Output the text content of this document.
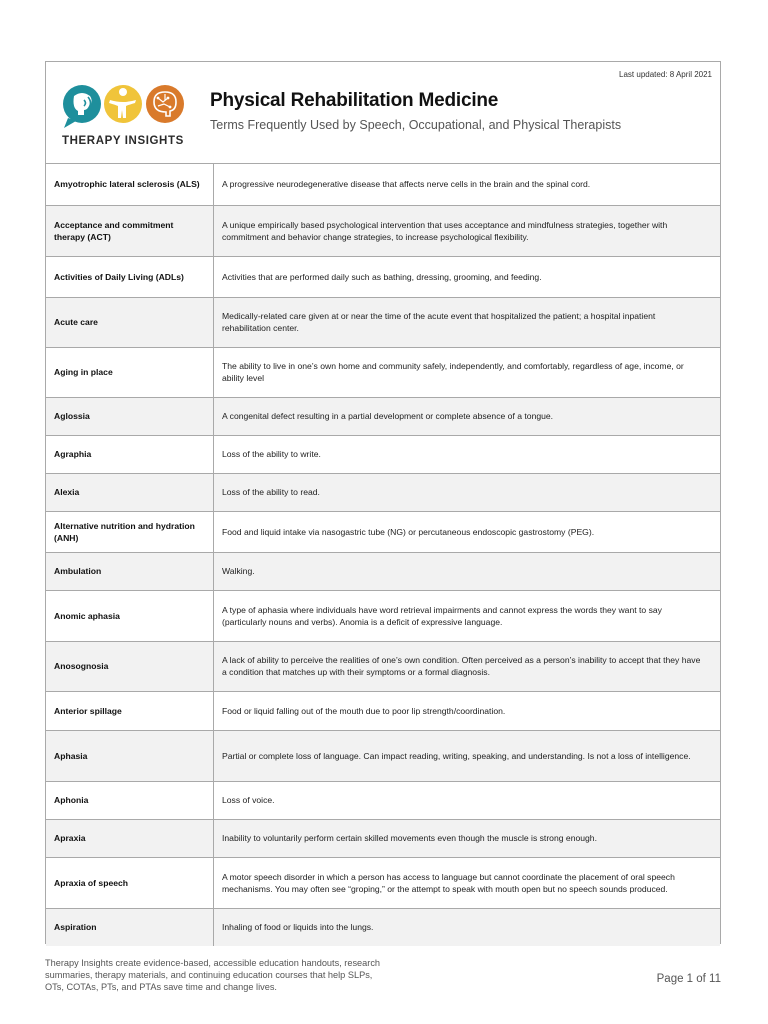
Last updated: 8 April 2021
THERAPY INSIGHTS
Physical Rehabilitation Medicine
Terms Frequently Used by Speech, Occupational, and Physical Therapists
Amyotrophic lateral sclerosis (ALS)	A progressive neurodegenerative disease that affects nerve cells in the brain and the spinal cord.
Acceptance and commitment therapy (ACT)	A unique empirically based psychological intervention that uses acceptance and mindfulness strategies, together with commitment and behavior change strategies, to increase psychological flexibility.
Activities of Daily Living (ADLs)	Activities that are performed daily such as bathing, dressing, grooming, and feeding.
Acute care	Medically-related care given at or near the time of the acute event that hospitalized the patient; a hospital inpatient rehabilitation center.
Aging in place	The ability to live in one’s own home and community safely, independently, and comfortably, regardless of age, income, or ability level
Aglossia	A congenital defect resulting in a partial development or complete absence of a tongue.
Agraphia	Loss of the ability to write.
Alexia	Loss of the ability to read.
Alternative nutrition and hydration (ANH)	Food and liquid intake via nasogastric tube (NG) or percutaneous endoscopic gastrostomy (PEG).
Ambulation	Walking.
Anomic aphasia	A type of aphasia where individuals have word retrieval impairments and cannot express the words they want to say (particularly nouns and verbs). Anomia is a deficit of expressive language.
Anosognosia	A lack of ability to perceive the realities of one’s own condition. Often perceived as a person’s inability to accept that they have a condition that matches up with their symptoms or a formal diagnosis.
Anterior spillage	Food or liquid falling out of the mouth due to poor lip strength/coordination.
Aphasia	Partial or complete loss of language. Can impact reading, writing, speaking, and understanding. Is not a loss of intelligence.
Aphonia	Loss of voice.
Apraxia	Inability to voluntarily perform certain skilled movements even though the muscle is strong enough.
Apraxia of speech	A motor speech disorder in which a person has access to language but cannot coordinate the placement of oral speech mechanisms. You may often see “groping,” or the attempt to speak with mouth open but no speech sounds produced.
Aspiration	Inhaling of food or liquids into the lungs.
Therapy Insights create evidence-based, accessible education handouts, research summaries, therapy materials, and continuing education courses that help SLPs, OTs, COTAs, PTs, and PTAs save time and change lives.
Page 1 of 11
